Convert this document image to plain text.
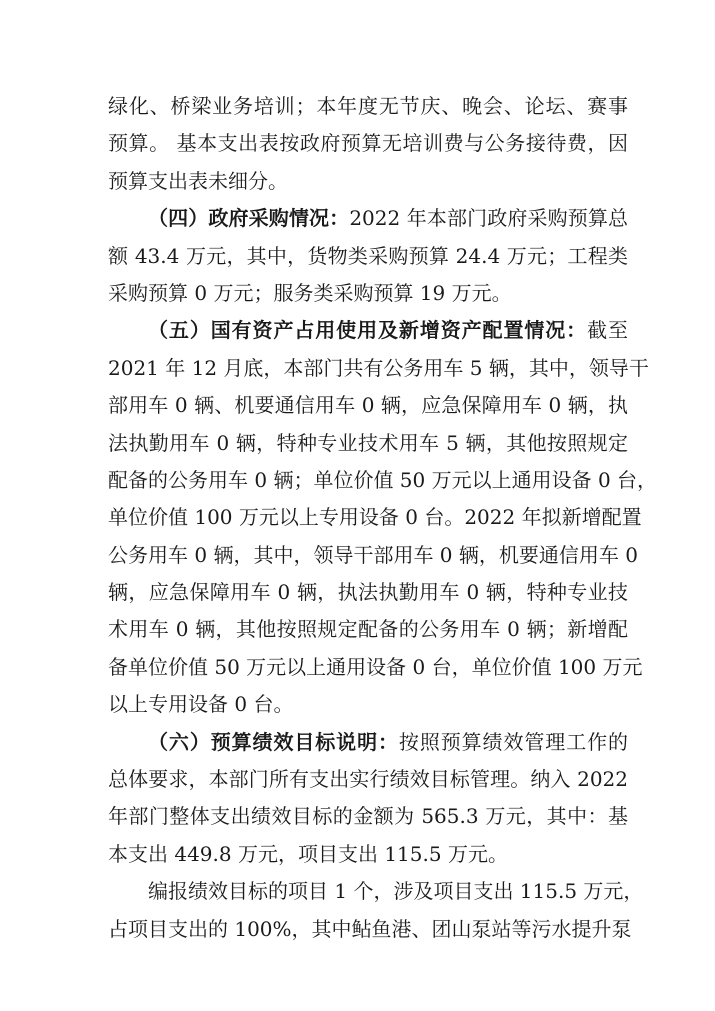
绿化、桥梁业务培训；本年度无节庆、晚会、论坛、赛事
预算。 基本支出表按政府预算无培训费与公务接待费，因
预算支出表未细分。
（四）政府采购情况：2022 年本部门政府采购预算总
额 43.4 万元，其中，货物类采购预算 24.4 万元；工程类
采购预算 0 万元；服务类采购预算 19 万元。
（五）国有资产占用使用及新增资产配置情况：截至
2021 年 12 月底，本部门共有公务用车 5 辆，其中，领导干
部用车 0 辆、机要通信用车 0 辆，应急保障用车 0 辆，执
法执勤用车 0 辆，特种专业技术用车 5 辆，其他按照规定
配备的公务用车 0 辆；单位价值 50 万元以上通用设备 0 台，
单位价值 100 万元以上专用设备 0 台。2022 年拟新增配置
公务用车 0 辆，其中，领导干部用车 0 辆，机要通信用车 0
辆，应急保障用车 0 辆，执法执勤用车 0 辆，特种专业技
术用车 0 辆，其他按照规定配备的公务用车 0 辆；新增配
备单位价值 50 万元以上通用设备 0 台，单位价值 100 万元
以上专用设备 0 台。
（六）预算绩效目标说明：按照预算绩效管理工作的
总体要求，本部门所有支出实行绩效目标管理。纳入 2022
年部门整体支出绩效目标的金额为 565.3 万元，其中：基
本支出 449.8 万元，项目支出 115.5 万元。
编报绩效目标的项目 1 个，涉及项目支出 115.5 万元，
占项目支出的 100%，其中鲇鱼港、团山泵站等污水提升泵
